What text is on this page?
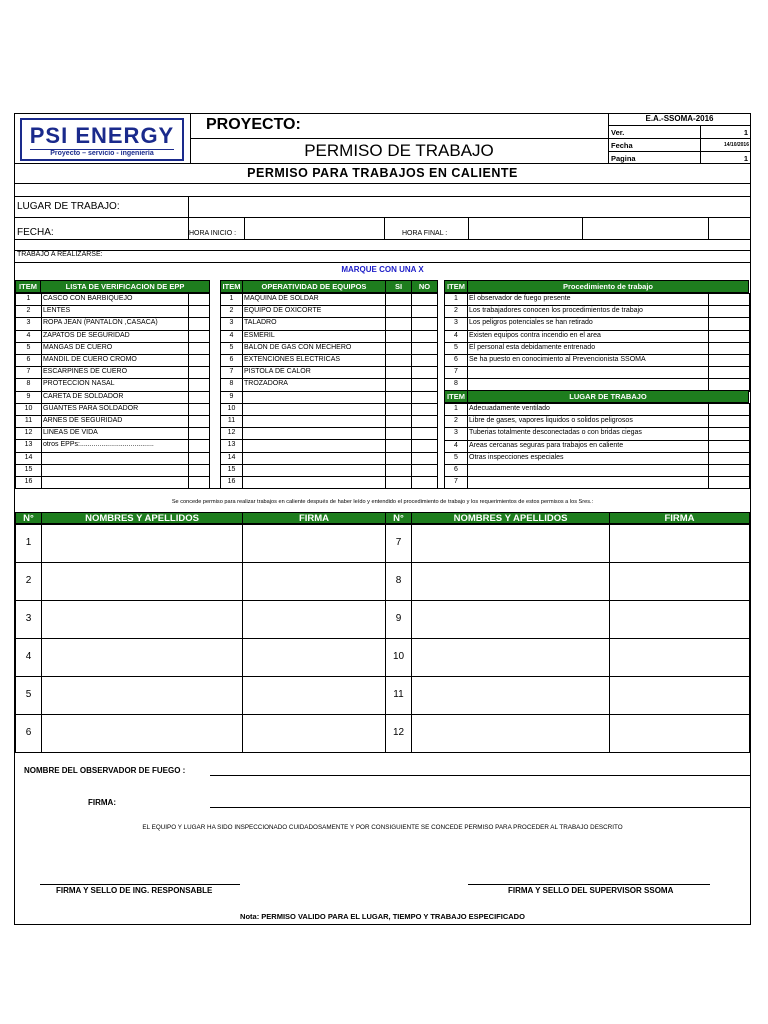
PSI ENERGY
Proyecto – servicio - ingeniería
PROYECTO:
PERMISO DE TRABAJO
E.A.-SSOMA-2016
Ver.	1
Fecha	14/10/2016
Pagina	1
PERMISO PARA TRABAJOS EN CALIENTE
LUGAR DE TRABAJO:
FECHA:	HORA INICIO :	HORA FINAL :
TRABAJO A REALIZARSE:
MARQUE CON UNA X
ITEM	LISTA DE VERIFICACION DE EPP
1	CASCO CON BARBIQUEJO
2	LENTES
3	ROPA JEAN (PANTALON ,CASACA)
4	ZAPATOS DE SEGURIDAD
5	MANGAS DE CUERO
6	MANDIL DE CUERO CROMO
7	ESCARPINES DE CUERO
8	PROTECCION NASAL
9	CARETA DE SOLDADOR
10	GUANTES PARA SOLDADOR
11	ARNES DE SEGURIDAD
12	LINEAS DE VIDA
13	otros EPPs:......................................
14
15
16
ITEM	OPERATIVIDAD DE EQUIPOS	SI	NO
1	MAQUINA DE SOLDAR
2	EQUIPO DE OXICORTE
3	TALADRO
4	ESMERIL
5	BALON DE GAS CON MECHERO
6	EXTENCIONES ELECTRICAS
7	PISTOLA DE CALOR
8	TROZADORA
9
10
11
12
13
14
15
16
ITEM	Procedimiento de trabajo
1	El observador de fuego presente
2	Los trabajadores conocen los procedimientos de trabajo
3	Los peligros potenciales se han retirado
4	Existen equipos contra incendio en el area
5	El personal esta debidamente entrenado
6	Se ha puesto en conocimiento al Prevencionista SSOMA
7
8
ITEM	LUGAR DE TRABAJO
1	Adecuadamente ventilado
2	Libre de gases, vapores liquidos o solidos peligrosos
3	Tuberias totalmente desconectadas o con bridas ciegas
4	Areas cercanas seguras para trabajos en caliente
5	Otras inspecciones especiales
6
7
Se concede permiso para realizar trabajos en caliente después de haber leído y entendido el procedimiento de trabajo y los requerimientos de estos permisos a los Sres.:
N°	NOMBRES Y APELLIDOS	FIRMA	N°	NOMBRES Y APELLIDOS	FIRMA
1	7
2	8
3	9
4	10
5	11
6	12
NOMBRE DEL OBSERVADOR DE FUEGO :
FIRMA:
EL EQUIPO Y LUGAR HA SIDO INSPECCIONADO CUIDADOSAMENTE Y POR CONSIGUIENTE SE CONCEDE PERMISO PARA PROCEDER AL TRABAJO DESCRITO
FIRMA Y SELLO DE ING. RESPONSABLE	FIRMA Y SELLO DEL SUPERVISOR SSOMA
Nota: PERMISO VALIDO PARA EL LUGAR, TIEMPO Y TRABAJO ESPECIFICADO
